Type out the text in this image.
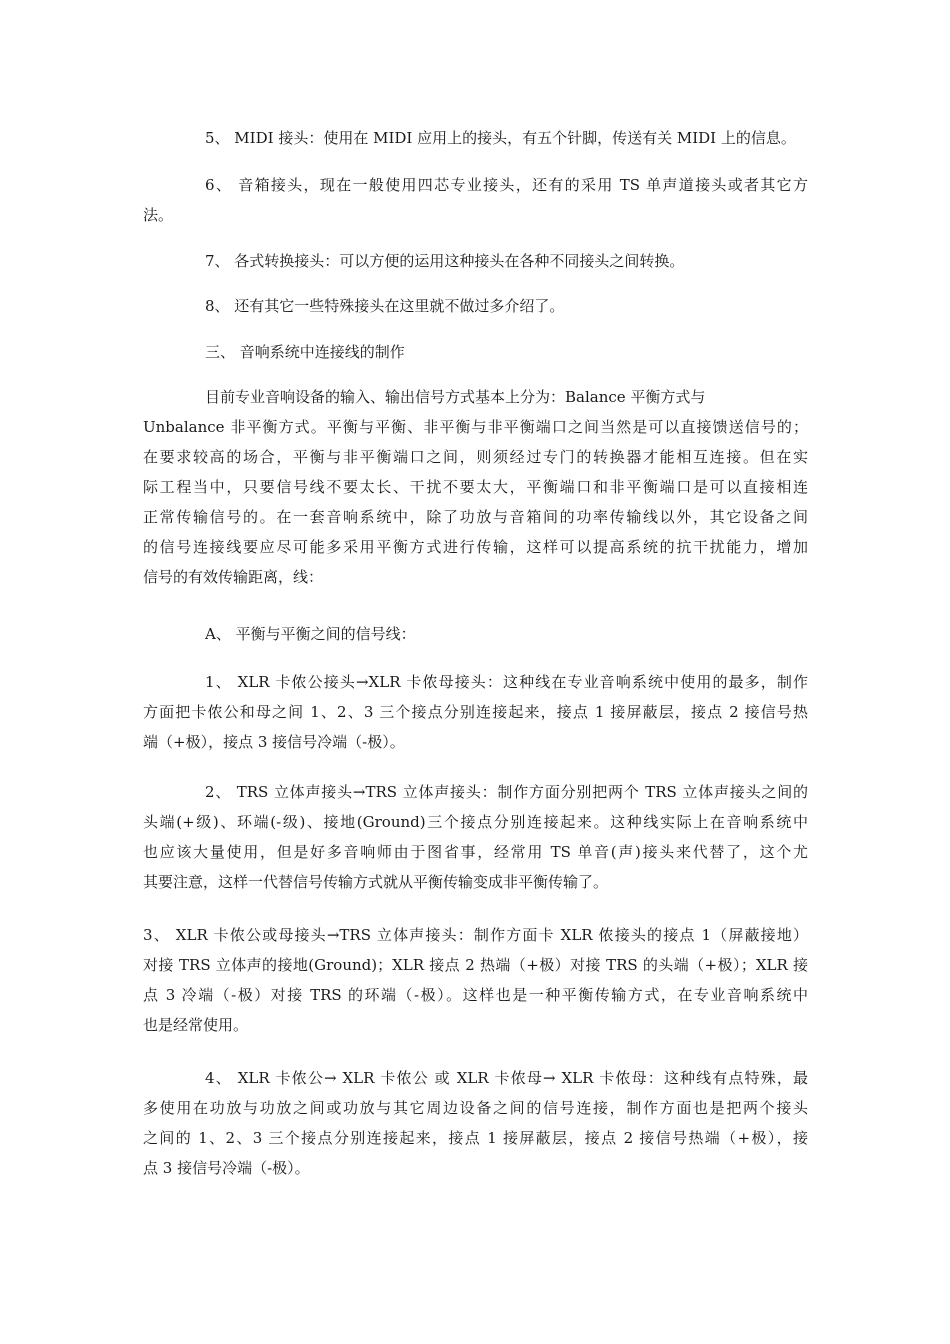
5、 MIDI 接头：使用在 MIDI 应用上的接头，有五个针脚，传送有关 MIDI 上的信息。
6、 音箱接头，现在一般使用四芯专业接头，还有的采用 TS 单声道接头或者其它方
法。
7、 各式转换接头：可以方便的运用这种接头在各种不同接头之间转换。
8、 还有其它一些特殊接头在这里就不做过多介绍了。
三、 音响系统中连接线的制作
目前专业音响设备的输入、输出信号方式基本上分为：Balance 平衡方式与
Unbalance 非平衡方式。平衡与平衡、非平衡与非平衡端口之间当然是可以直接馈送信号的；
在要求较高的场合，平衡与非平衡端口之间，则须经过专门的转换器才能相互连接。但在实
际工程当中，只要信号线不要太长、干扰不要太大，平衡端口和非平衡端口是可以直接相连
正常传输信号的。在一套音响系统中，除了功放与音箱间的功率传输线以外，其它设备之间
的信号连接线要应尽可能多采用平衡方式进行传输，这样可以提高系统的抗干扰能力，增加
信号的有效传输距离，线：
A、 平衡与平衡之间的信号线：
1、 XLR 卡侬公接头→XLR 卡侬母接头：这种线在专业音响系统中使用的最多，制作
方面把卡侬公和母之间 1、2、3 三个接点分别连接起来，接点 1 接屏蔽层，接点 2 接信号热
端（+极），接点 3 接信号冷端（-极）。
2、 TRS 立体声接头→TRS 立体声接头：制作方面分别把两个 TRS 立体声接头之间的
头端(+级)、环端(-级)、接地(Ground)三个接点分别连接起来。这种线实际上在音响系统中
也应该大量使用，但是好多音响师由于图省事，经常用 TS 单音(声)接头来代替了，这个尤
其要注意，这样一代替信号传输方式就从平衡传输变成非平衡传输了。
3、 XLR 卡侬公或母接头→TRS 立体声接头：制作方面卡 XLR 侬接头的接点 1（屏蔽接地）
对接 TRS 立体声的接地(Ground)；XLR 接点 2 热端（+极）对接 TRS 的头端（+极）；XLR 接
点 3 冷端（-极）对接 TRS 的环端（-极）。这样也是一种平衡传输方式，在专业音响系统中
也是经常使用。
4、 XLR 卡侬公→ XLR 卡侬公 或 XLR 卡侬母→ XLR 卡侬母：这种线有点特殊，最
多使用在功放与功放之间或功放与其它周边设备之间的信号连接，制作方面也是把两个接头
之间的 1、2、3 三个接点分别连接起来，接点 1 接屏蔽层，接点 2 接信号热端（+极），接
点 3 接信号冷端（-极）。
